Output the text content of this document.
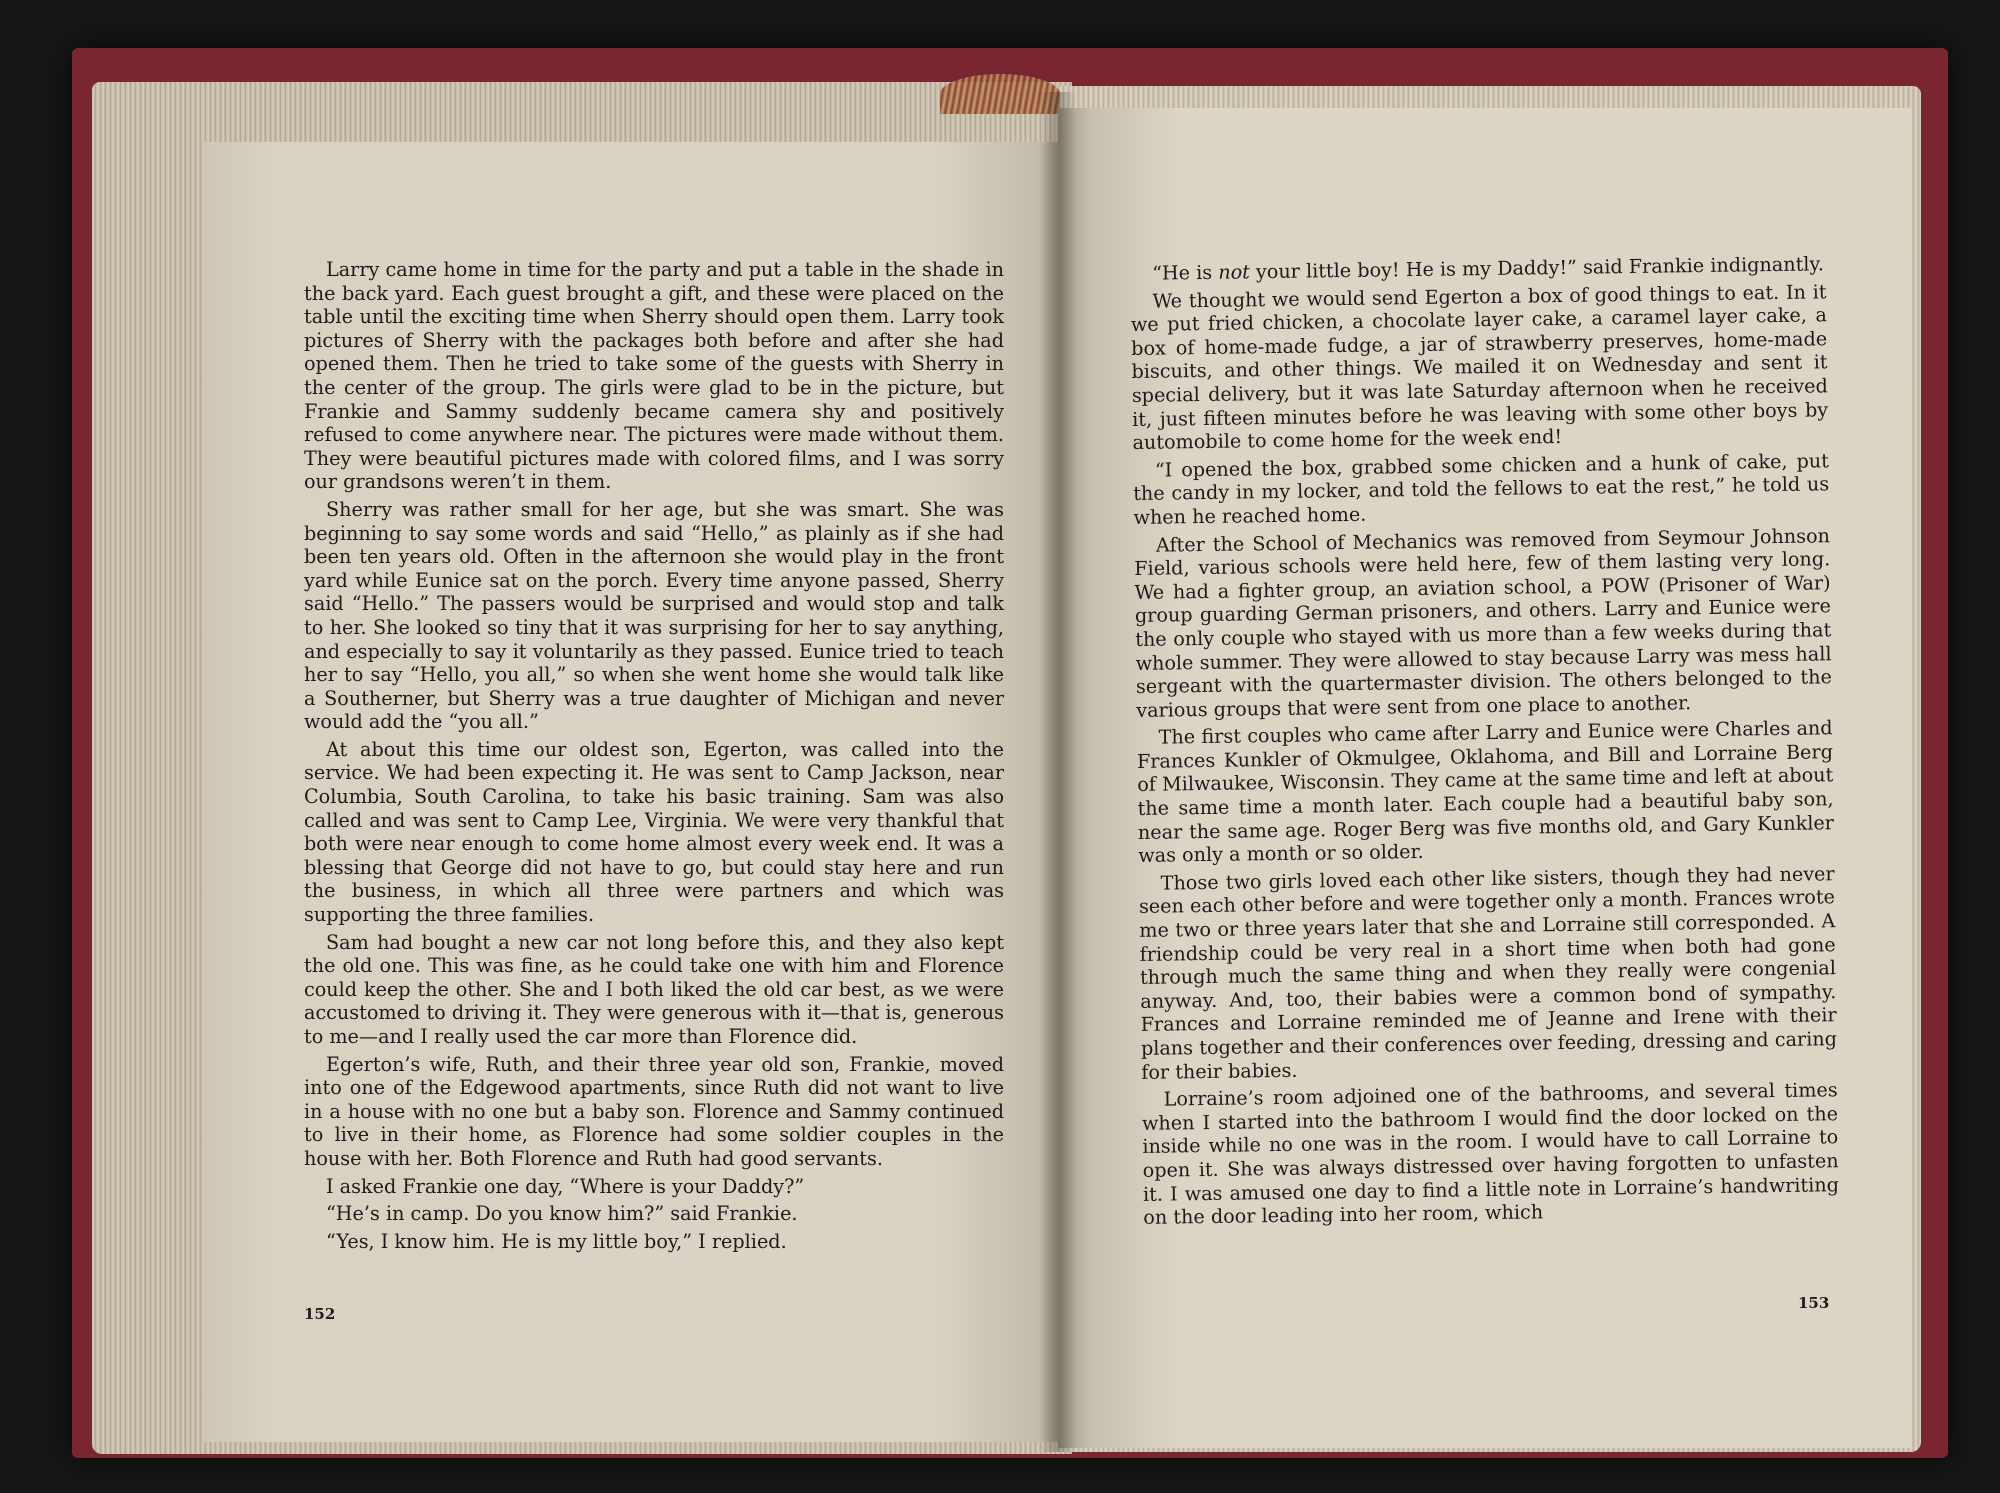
Larry came home in time for the party and put a table in the shade in the back yard. Each guest brought a gift, and these were placed on the table until the exciting time when Sherry should open them. Larry took pictures of Sherry with the packages both before and after she had opened them. Then he tried to take some of the guests with Sherry in the center of the group. The girls were glad to be in the picture, but Frankie and Sammy suddenly became camera shy and positively refused to come anywhere near. The pictures were made without them. They were beautiful pictures made with colored films, and I was sorry our grandsons weren’t in them.

Sherry was rather small for her age, but she was smart. She was beginning to say some words and said “Hello,” as plainly as if she had been ten years old. Often in the afternoon she would play in the front yard while Eunice sat on the porch. Every time anyone passed, Sherry said “Hello.” The passers would be surprised and would stop and talk to her. She looked so tiny that it was surprising for her to say anything, and especially to say it voluntarily as they passed. Eunice tried to teach her to say “Hello, you all,” so when she went home she would talk like a Southerner, but Sherry was a true daughter of Michigan and never would add the “you all.”

At about this time our oldest son, Egerton, was called into the service. We had been expecting it. He was sent to Camp Jackson, near Columbia, South Carolina, to take his basic training. Sam was also called and was sent to Camp Lee, Virginia. We were very thankful that both were near enough to come home almost every week end. It was a blessing that George did not have to go, but could stay here and run the business, in which all three were partners and which was supporting the three families.

Sam had bought a new car not long before this, and they also kept the old one. This was fine, as he could take one with him and Florence could keep the other. She and I both liked the old car best, as we were accustomed to driving it. They were generous with it—that is, generous to me—and I really used the car more than Florence did.

Egerton’s wife, Ruth, and their three year old son, Frankie, moved into one of the Edgewood apartments, since Ruth did not want to live in a house with no one but a baby son. Florence and Sammy continued to live in their home, as Florence had some soldier couples in the house with her. Both Florence and Ruth had good servants.

I asked Frankie one day, “Where is your Daddy?”

“He’s in camp. Do you know him?” said Frankie.

“Yes, I know him. He is my little boy,” I replied.

152

“He is not your little boy! He is my Daddy!” said Frankie indignantly.

We thought we would send Egerton a box of good things to eat. In it we put fried chicken, a chocolate layer cake, a caramel layer cake, a box of home-made fudge, a jar of strawberry preserves, home-made biscuits, and other things. We mailed it on Wednesday and sent it special delivery, but it was late Saturday afternoon when he received it, just fifteen minutes before he was leaving with some other boys by automobile to come home for the week end!

“I opened the box, grabbed some chicken and a hunk of cake, put the candy in my locker, and told the fellows to eat the rest,” he told us when he reached home.

After the School of Mechanics was removed from Seymour Johnson Field, various schools were held here, few of them lasting very long. We had a fighter group, an aviation school, a POW (Prisoner of War) group guarding German prisoners, and others. Larry and Eunice were the only couple who stayed with us more than a few weeks during that whole summer. They were allowed to stay because Larry was mess hall sergeant with the quartermaster division. The others belonged to the various groups that were sent from one place to another.

The first couples who came after Larry and Eunice were Charles and Frances Kunkler of Okmulgee, Oklahoma, and Bill and Lorraine Berg of Milwaukee, Wisconsin. They came at the same time and left at about the same time a month later. Each couple had a beautiful baby son, near the same age. Roger Berg was five months old, and Gary Kunkler was only a month or so older.

Those two girls loved each other like sisters, though they had never seen each other before and were together only a month. Frances wrote me two or three years later that she and Lorraine still corresponded. A friendship could be very real in a short time when both had gone through much the same thing and when they really were congenial anyway. And, too, their babies were a common bond of sympathy. Frances and Lorraine reminded me of Jeanne and Irene with their plans together and their conferences over feeding, dressing and caring for their babies.

Lorraine’s room adjoined one of the bathrooms, and several times when I started into the bathroom I would find the door locked on the inside while no one was in the room. I would have to call Lorraine to open it. She was always distressed over having forgotten to unfasten it. I was amused one day to find a little note in Lorraine’s handwriting on the door leading into her room, which

153
